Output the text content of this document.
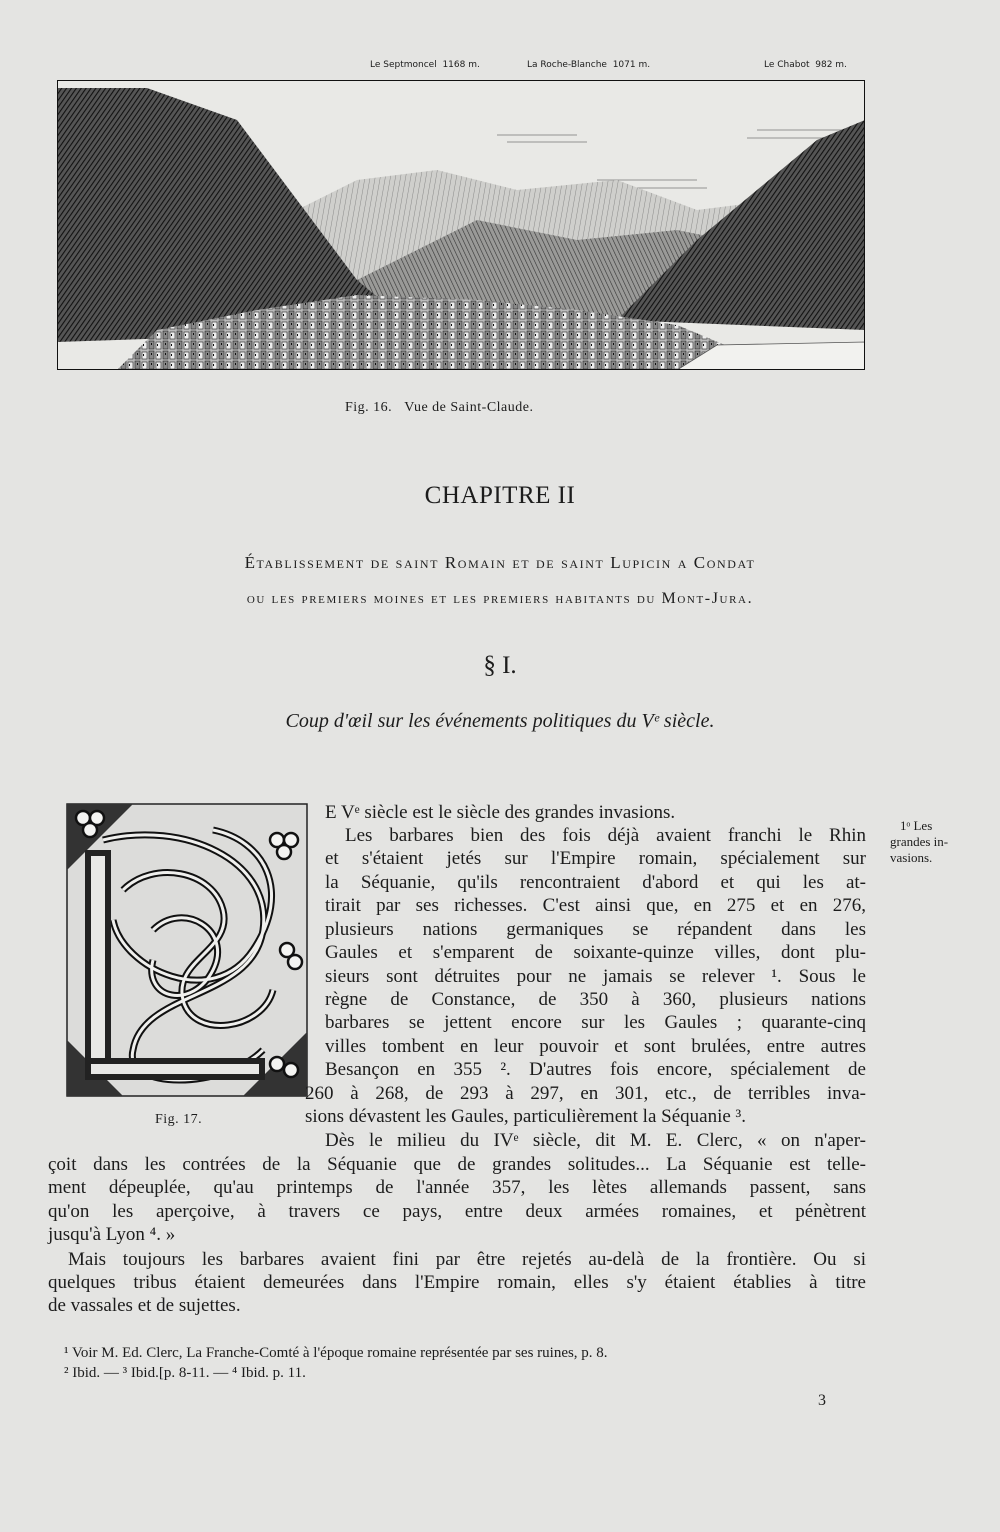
Le Septmoncel 1168 m.	La Roche-Blanche 1071 m.	Le Chabot 982 m.
Fig. 16. Vue de Saint-Claude.
CHAPITRE II
Établissement de saint Romain et de saint Lupicin a Condat
ou les premiers moines et les premiers habitants du Mont-Jura.
§ I.
Coup d'œil sur les événements politiques du Vᵉ siècle.
Fig. 17.
1ᵒ Les
grandes in-
vasions.
E Vᵉ siècle est le siècle des grandes invasions.
Les barbares bien des fois déjà avaient franchi le Rhin
et s'étaient jetés sur l'Empire romain, spécialement sur
la Séquanie, qu'ils rencontraient d'abord et qui les at-
tirait par ses richesses. C'est ainsi que, en 275 et en 276,
plusieurs nations germaniques se répandent dans les
Gaules et s'emparent de soixante-quinze villes, dont plu-
sieurs sont détruites pour ne jamais se relever ¹. Sous le
règne de Constance, de 350 à 360, plusieurs nations
barbares se jettent encore sur les Gaules ; quarante-cinq
villes tombent en leur pouvoir et sont brulées, entre autres
Besançon en 355 ². D'autres fois encore, spécialement de
260 à 268, de 293 à 297, en 301, etc., de terribles inva-
sions dévastent les Gaules, particulièrement la Séquanie ³.
Dès le milieu du IVᵉ siècle, dit M. E. Clerc, « on n'aper-
çoit dans les contrées de la Séquanie que de grandes solitudes... La Séquanie est telle-
ment dépeuplée, qu'au printemps de l'année 357, les lètes allemands passent, sans
qu'on les aperçoive, à travers ce pays, entre deux armées romaines, et pénètrent
jusqu'à Lyon ⁴. »
Mais toujours les barbares avaient fini par être rejetés au-delà de la frontière. Ou si
quelques tribus étaient demeurées dans l'Empire romain, elles s'y étaient établies à titre
de vassales et de sujettes.
¹ Voir M. Ed. Clerc, La Franche-Comté à l'époque romaine représentée par ses ruines, p. 8.
² Ibid. — ³ Ibid.[p. 8-11. — ⁴ Ibid. p. 11.
3
